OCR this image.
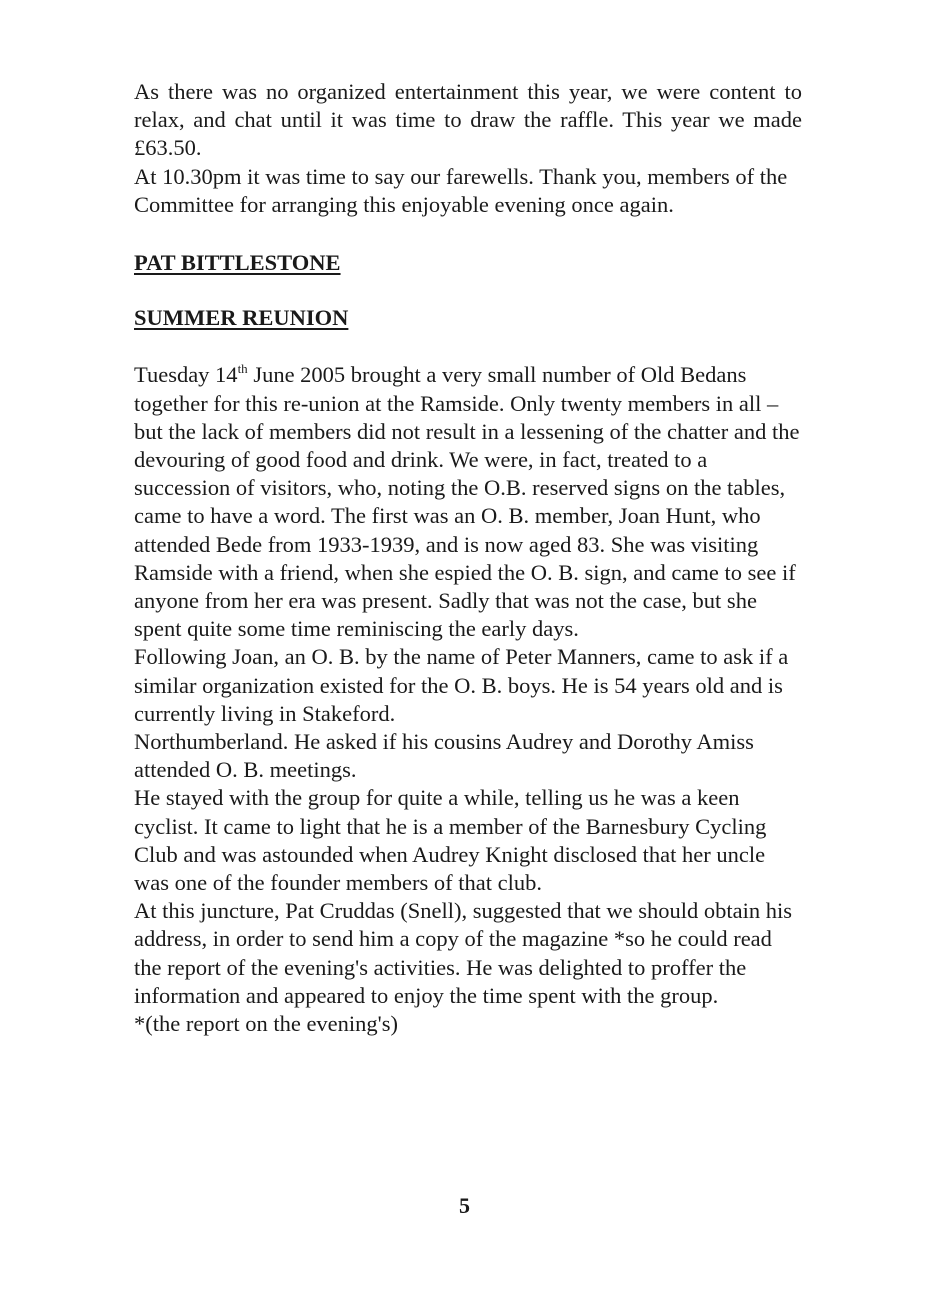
As there was no organized entertainment this year, we were content to relax, and chat until it was time to draw the raffle. This year we made £63.50.

At 10.30pm it was time to say our farewells. Thank you, members of the Committee for arranging this enjoyable evening once again.

PAT BITTLESTONE

SUMMER REUNION

Tuesday 14th June 2005 brought a very small number of Old Bedans together for this re-union at the Ramside. Only twenty members in all – but the lack of members did not result in a lessening of the chatter and the devouring of good food and drink. We were, in fact, treated to a succession of visitors, who, noting the O.B. reserved signs on the tables, came to have a word. The first was an O. B. member, Joan Hunt, who attended Bede from 1933-1939, and is now aged 83. She was visiting Ramside with a friend, when she espied the O. B. sign, and came to see if anyone from her era was present. Sadly that was not the case, but she spent quite some time reminiscing the early days.

Following Joan, an O. B. by the name of Peter Manners, came to ask if a similar organization existed for the O. B. boys. He is 54 years old and is currently living in Stakeford.

Northumberland. He asked if his cousins Audrey and Dorothy Amiss attended O. B. meetings.

He stayed with the group for quite a while, telling us he was a keen cyclist. It came to light that he is a member of the Barnesbury Cycling Club and was astounded when Audrey Knight disclosed that her uncle was one of the founder members of that club.

At this juncture, Pat Cruddas (Snell), suggested that we should obtain his address, in order to send him a copy of the magazine *so he could read the report of the evening's activities. He was delighted to proffer the information and appeared to enjoy the time spent with the group.

*(the report on the evening's)

5
